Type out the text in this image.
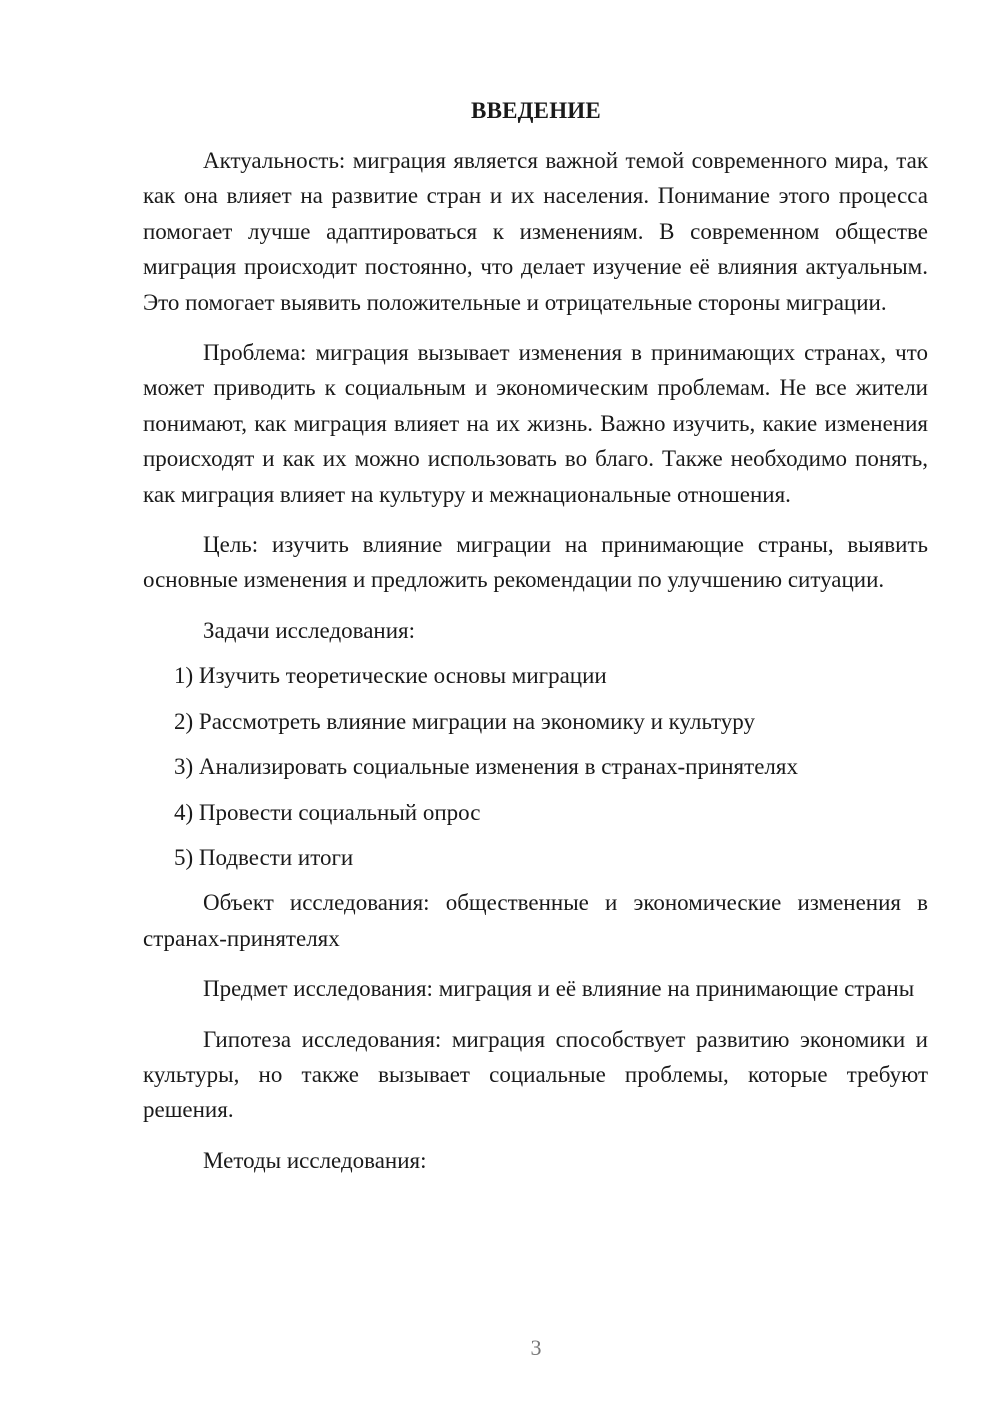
ВВЕДЕНИЕ

Актуальность: миграция является важной темой современного мира, так как она влияет на развитие стран и их населения. Понимание этого процесса помогает лучше адаптироваться к изменениям. В современном обществе миграция происходит постоянно, что делает изучение её влияния актуальным. Это помогает выявить положительные и отрицательные стороны миграции.

Проблема: миграция вызывает изменения в принимающих странах, что может приводить к социальным и экономическим проблемам. Не все жители понимают, как миграция влияет на их жизнь. Важно изучить, какие изменения происходят и как их можно использовать во благо. Также необходимо понять, как миграция влияет на культуру и межнациональные отношения.

Цель: изучить влияние миграции на принимающие страны, выявить основные изменения и предложить рекомендации по улучшению ситуации.

Задачи исследования:

1) Изучить теоретические основы миграции
2) Рассмотреть влияние миграции на экономику и культуру
3) Анализировать социальные изменения в странах-принятелях
4) Провести социальный опрос
5) Подвести итоги

Объект исследования: общественные и экономические изменения в странах-принятелях

Предмет исследования: миграция и её влияние на принимающие страны

Гипотеза исследования: миграция способствует развитию экономики и культуры, но также вызывает социальные проблемы, которые требуют решения.

Методы исследования:

3
